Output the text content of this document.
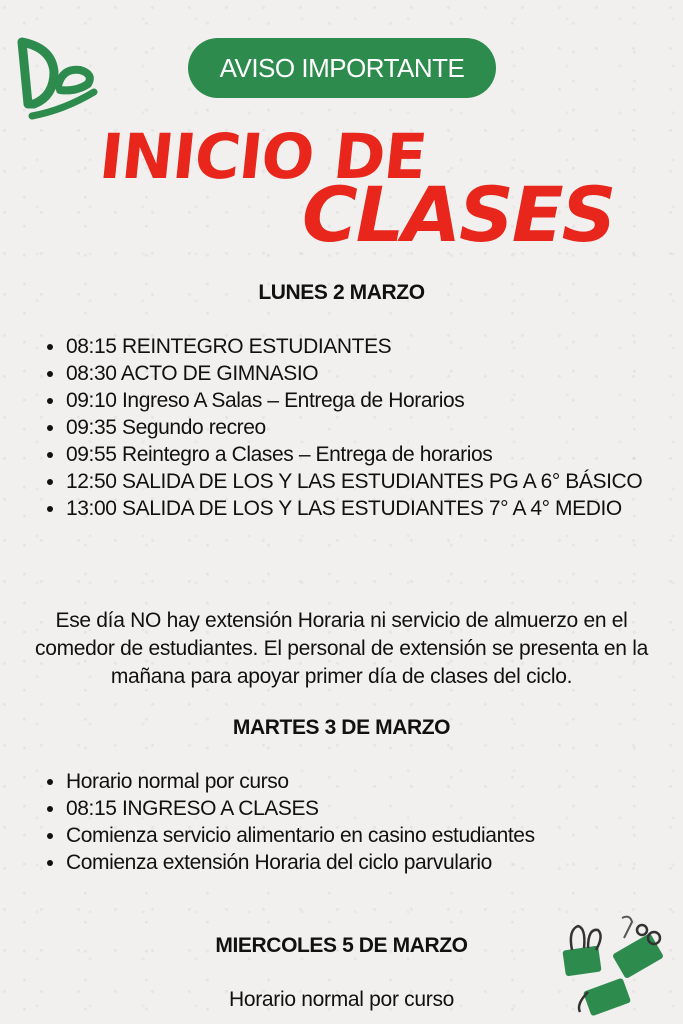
AVISO IMPORTANTE
INICIO DE
CLASES
LUNES 2 MARZO
• 08:15 REINTEGRO ESTUDIANTES
• 08:30 ACTO DE GIMNASIO
• 09:10 Ingreso A Salas – Entrega de Horarios
• 09:35 Segundo recreo
• 09:55 Reintegro a Clases – Entrega de horarios
• 12:50 SALIDA DE LOS Y LAS ESTUDIANTES PG A 6° BÁSICO
• 13:00 SALIDA DE LOS Y LAS ESTUDIANTES 7° A 4° MEDIO
Ese día NO hay extensión Horaria ni servicio de almuerzo en el comedor de estudiantes. El personal de extensión se presenta en la mañana para apoyar primer día de clases del ciclo.
MARTES 3 DE MARZO
• Horario normal por curso
• 08:15 INGRESO A CLASES
• Comienza servicio alimentario en casino estudiantes
• Comienza extensión Horaria del ciclo parvulario
MIERCOLES 5 DE MARZO
Horario normal por curso
